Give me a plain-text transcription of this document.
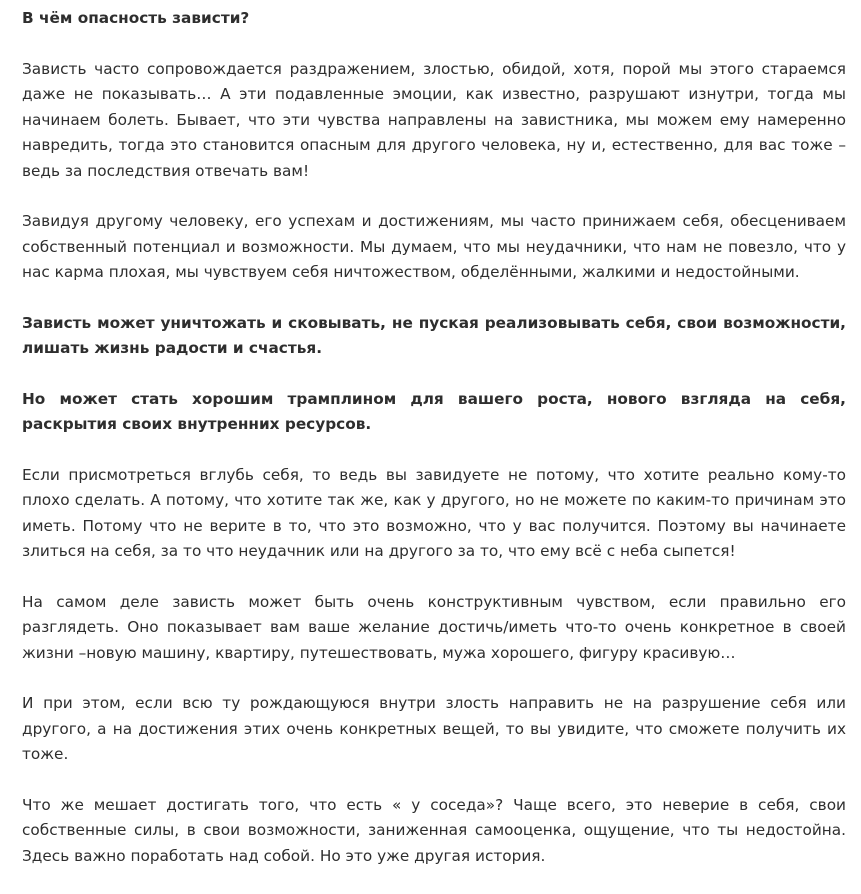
В чём опасность зависти?

Зависть часто сопровождается раздражением, злостью, обидой, хотя, порой мы этого стараемся даже не показывать… А эти подавленные эмоции, как известно, разрушают изнутри, тогда мы начинаем болеть. Бывает, что эти чувства направлены на завистника, мы можем ему намеренно навредить, тогда это становится опасным для другого человека, ну и, естественно, для вас тоже –ведь за последствия отвечать вам!

Завидуя другому человеку, его успехам и достижениям, мы часто принижаем себя, обесцениваем собственный потенциал и возможности. Мы думаем, что мы неудачники, что нам не повезло, что у нас карма плохая, мы чувствуем себя ничтожеством, обделёнными, жалкими и недостойными.

Зависть может уничтожать и сковывать, не пуская реализовывать себя, свои возможности, лишать жизнь радости и счастья.

Но может стать хорошим трамплином для вашего роста, нового взгляда на себя, раскрытия своих внутренних ресурсов.

Если присмотреться вглубь себя, то ведь вы завидуете не потому, что хотите реально кому-то плохо сделать. А потому, что хотите так же, как у другого, но не можете по каким-то причинам это иметь. Потому что не верите в то, что это возможно, что у вас получится. Поэтому вы начинаете злиться на себя, за то что неудачник или на другого за то, что ему всё с неба сыпется!

На самом деле зависть может быть очень конструктивным чувством, если правильно его разглядеть. Оно показывает вам ваше желание достичь/иметь что-то очень конкретное в своей жизни –новую машину, квартиру, путешествовать, мужа хорошего, фигуру красивую…

И при этом, если всю ту рождающуюся внутри злость направить не на разрушение себя или другого, а на достижения этих очень конкретных вещей, то вы увидите, что сможете получить их тоже.

Что же мешает достигать того, что есть « у соседа»? Чаще всего, это неверие в себя, свои собственные силы, в свои возможности, заниженная самооценка, ощущение, что ты недостойна. Здесь важно поработать над собой. Но это уже другая история.
